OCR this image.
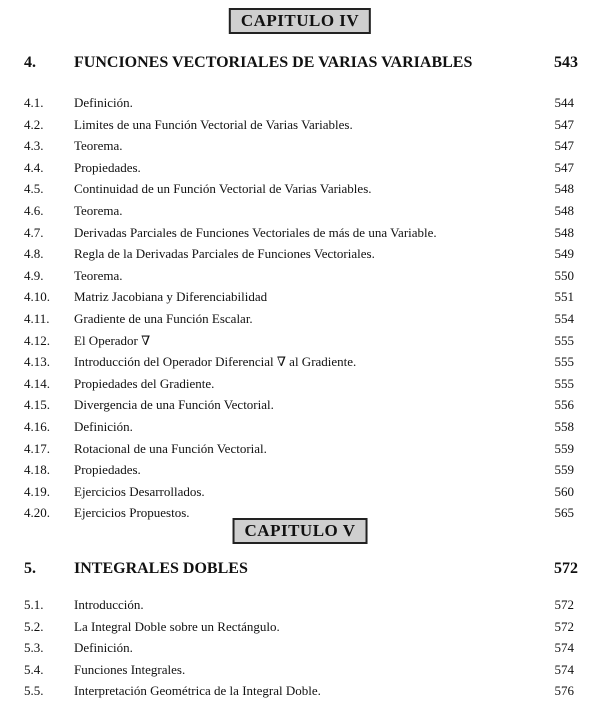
CAPITULO IV
4. FUNCIONES VECTORIALES DE VARIAS VARIABLES	543
4.1. Definición.	544
4.2. Limites de una Función Vectorial de Varias Variables.	547
4.3. Teorema.	547
4.4. Propiedades.	547
4.5. Continuidad de un Función Vectorial de Varias Variables.	548
4.6. Teorema.	548
4.7. Derivadas Parciales de Funciones Vectoriales de más de una Variable.	548
4.8. Regla de la Derivadas Parciales de Funciones Vectoriales.	549
4.9. Teorema.	550
4.10. Matriz Jacobiana y Diferenciabilidad	551
4.11. Gradiente de una Función Escalar.	554
4.12. El Operador ∇	555
4.13. Introducción del Operador Diferencial ∇ al Gradiente.	555
4.14. Propiedades del Gradiente.	555
4.15. Divergencia de una Función Vectorial.	556
4.16. Definición.	558
4.17. Rotacional de una Función Vectorial.	559
4.18. Propiedades.	559
4.19. Ejercicios Desarrollados.	560
4.20. Ejercicios Propuestos.	565
CAPITULO V
5. INTEGRALES DOBLES	572
5.1. Introducción.	572
5.2. La Integral Doble sobre un Rectángulo.	572
5.3. Definición.	574
5.4. Funciones Integrales.	574
5.5. Interpretación Geométrica de la Integral Doble.	576
